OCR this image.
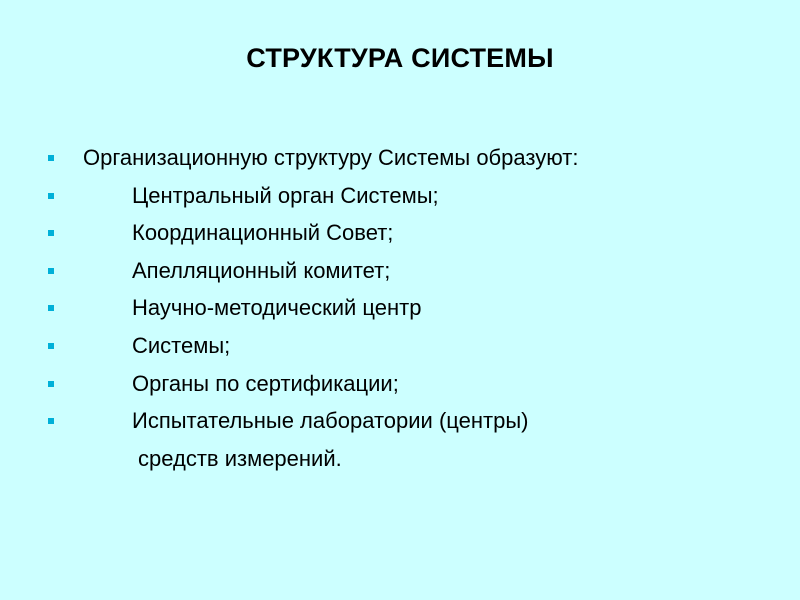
СТРУКТУРА СИСТЕМЫ
Организационную структуру Системы образуют:
Центральный орган Системы;
Координационный Совет;
Апелляционный комитет;
Научно-методический центр
Системы;
Органы по сертификации;
Испытательные лаборатории (центры)
средств измерений.
